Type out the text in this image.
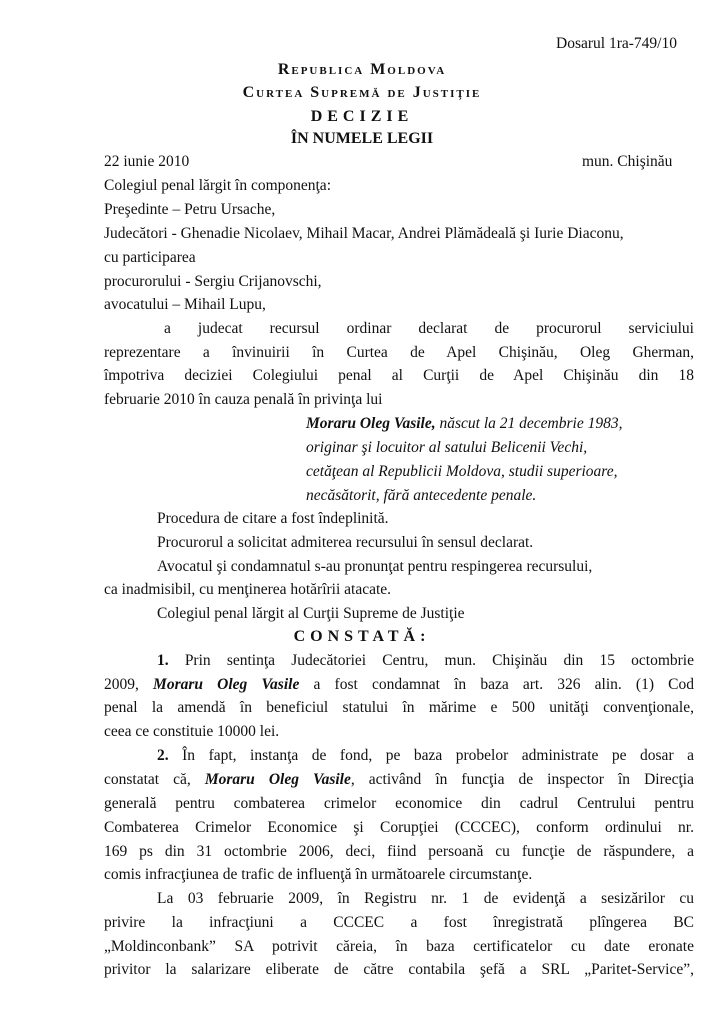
Dosarul 1ra-749/10
Republica Moldova
Curtea Supremă de Justiţie
DECIZIE
ÎN NUMELE LEGII
22 iunie 2010	mun. Chişinău
Colegiul penal lărgit în componenţa:
Preşedinte – Petru Ursache,
Judecători - Ghenadie Nicolaev, Mihail Macar, Andrei Plămădeală şi Iurie Diaconu,
cu participarea
procurorului - Sergiu Crijanovschi,
avocatului – Mihail Lupu,
a judecat recursul ordinar declarat de procurorul serviciului
reprezentare a învinuirii în Curtea de Apel Chişinău, Oleg Gherman,
împotriva deciziei Colegiului penal al Curţii de Apel Chişinău din 18
februarie 2010 în cauza penală în privinţa lui
Moraru Oleg Vasile, născut la 21 decembrie 1983,
originar şi locuitor al satului Belicenii Vechi,
cetăţean al Republicii Moldova, studii superioare,
necăsătorit, fără antecedente penale.
Procedura de citare a fost îndeplinită.
Procurorul a solicitat admiterea recursului în sensul declarat.
Avocatul şi condamnatul s-au pronunţat pentru respingerea recursului,
ca inadmisibil, cu menţinerea hotărîrii atacate.
Colegiul penal lărgit al Curţii Supreme de Justiţie
CONSTATĂ:
1. Prin sentinţa Judecătoriei Centru, mun. Chişinău din 15 octombrie
2009, Moraru Oleg Vasile a fost condamnat în baza art. 326 alin. (1) Cod
penal la amendă în beneficiul statului în mărime e 500 unităţi convenţionale,
ceea ce constituie 10000 lei.
2. În fapt, instanţa de fond, pe baza probelor administrate pe dosar a
constatat că, Moraru Oleg Vasile, activând în funcţia de inspector în Direcţia
generală pentru combaterea crimelor economice din cadrul Centrului pentru
Combaterea Crimelor Economice şi Corupţiei (CCCEC), conform ordinului nr.
169 ps din 31 octombrie 2006, deci, fiind persoană cu funcţie de răspundere, a
comis infracţiunea de trafic de influenţă în următoarele circumstanţe.
La 03 februarie 2009, în Registru nr. 1 de evidenţă a sesizărilor cu
privire la infracţiuni a CCCEC a fost înregistrată plîngerea BC
„Moldinconbank” SA potrivit căreia, în baza certificatelor cu date eronate
privitor la salarizare eliberate de către contabila şefă a SRL „Paritet-Service”,
